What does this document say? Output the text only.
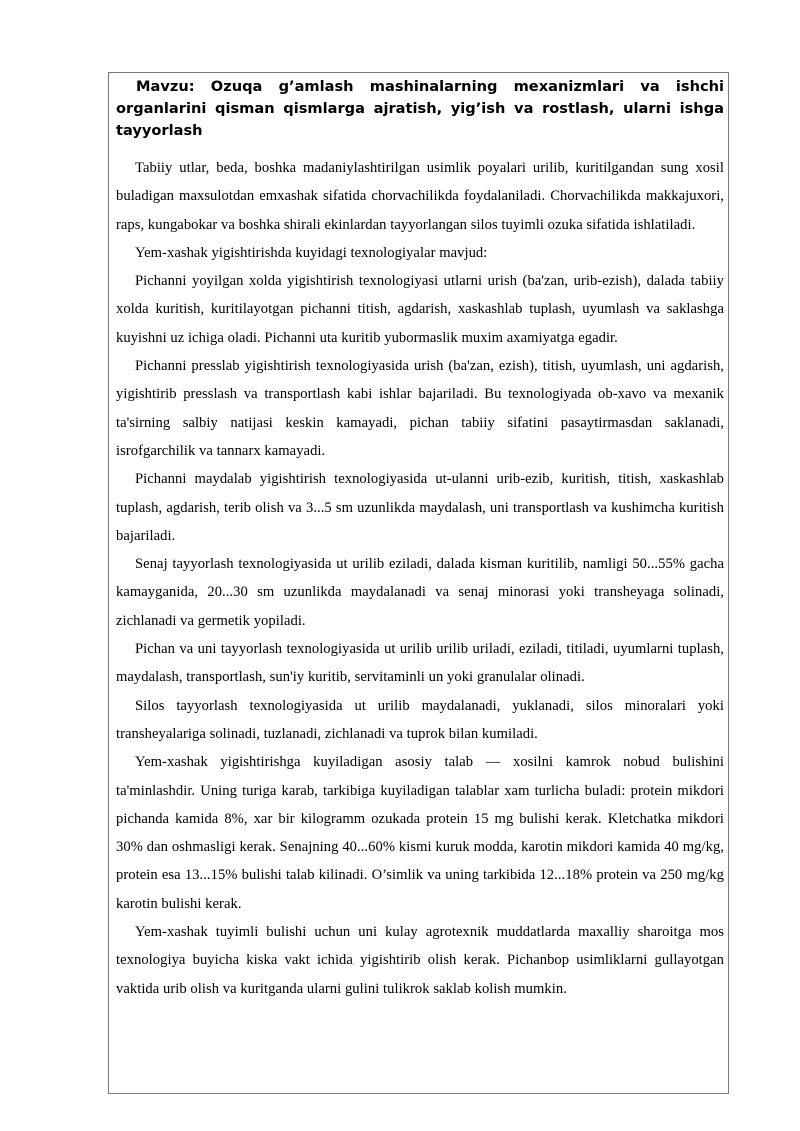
Mavzu: Ozuqa g’amlash mashinalarning mexanizmlari va ishchi organlarini qisman qismlarga ajratish, yig’ish va rostlash, ularni ishga tayyorlash

Tabiiy utlar, beda, boshka madaniylashtirilgan usimlik poyalari urilib, kuritilgandan sung xosil buladigan maxsulotdan emxashak sifatida chorvachilikda foydalaniladi. Chorvachilikda makkajuxori, raps, kungabokar va boshka shirali ekinlardan tayyorlangan silos tuyimli ozuka sifatida ishlatiladi.

Yem-xashak yigishtirishda kuyidagi texnologiyalar mavjud:

Pichanni yoyilgan xolda yigishtirish texnologiyasi utlarni urish (ba'zan, urib-ezish), dalada tabiiy xolda kuritish, kuritilayotgan pichanni titish, agdarish, xaskashlab tuplash, uyumlash va saklashga kuyishni uz ichiga oladi. Pichanni uta kuritib yubormaslik muxim axamiyatga egadir.

Pichanni presslab yigishtirish texnologiyasida urish (ba'zan, ezish), titish, uyumlash, uni agdarish, yigishtirib presslash va transportlash kabi ishlar bajariladi. Bu texnologiyada ob-xavo va mexanik ta'sirning salbiy natijasi keskin kamayadi, pichan tabiiy sifatini pasaytirmasdan saklanadi, isrofgarchilik va tannarx kamayadi.

Pichanni maydalab yigishtirish texnologiyasida ut-ulanni urib-ezib, kuritish, titish, xaskashlab tuplash, agdarish, terib olish va 3...5 sm uzunlikda maydalash, uni transportlash va kushimcha kuritish bajariladi.

Senaj tayyorlash texnologiyasida ut urilib eziladi, dalada kisman kuritilib, namligi 50...55% gacha kamayganida, 20...30 sm uzunlikda maydalanadi va senaj minorasi yoki transheyaga solinadi, zichlanadi va germetik yopiladi.

Pichan va uni tayyorlash texnologiyasida ut urilib urilib uriladi, eziladi, titiladi, uyumlarni tuplash, maydalash, transportlash, sun'iy kuritib, servitaminli un yoki granulalar olinadi.

Silos tayyorlash texnologiyasida ut urilib maydalanadi, yuklanadi, silos minoralari yoki transheyalariga solinadi, tuzlanadi, zichlanadi va tuprok bilan kumiladi.

Yem-xashak yigishtirishga kuyiladigan asosiy talab — xosilni kamrok nobud bulishini ta'minlashdir. Uning turiga karab, tarkibiga kuyiladigan talablar xam turlicha buladi: protein mikdori pichanda kamida 8%, xar bir kilogramm ozukada protein 15 mg bulishi kerak. Kletchatka mikdori 30% dan oshmasligi kerak. Senajning 40...60% kismi kuruk modda, karotin mikdori kamida 40 mg/kg, protein esa 13...15% bulishi talab kilinadi. O’simlik va uning tarkibida 12...18% protein va 250 mg/kg karotin bulishi kerak.

Yem-xashak tuyimli bulishi uchun uni kulay agrotexnik muddatlarda maxalliy sharoitga mos texnologiya buyicha kiska vakt ichida yigishtirib olish kerak. Pichanbop usimliklarni gullayotgan vaktida urib olish va kuritganda ularni gulini tulikrok saklab kolish mumkin.
